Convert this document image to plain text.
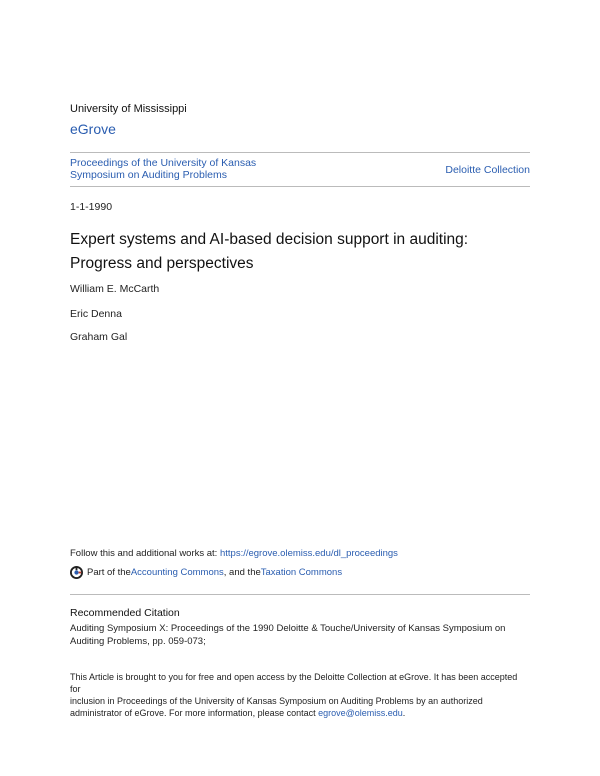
University of Mississippi
eGrove
Proceedings of the University of Kansas
Symposium on Auditing Problems	Deloitte Collection
1-1-1990
Expert systems and AI-based decision support in auditing:
Progress and perspectives
William E. McCarth
Eric Denna
Graham Gal
Follow this and additional works at: https://egrove.olemiss.edu/dl_proceedings
Part of the Accounting Commons , and the Taxation Commons
Recommended Citation
Auditing Symposium X: Proceedings of the 1990 Deloitte & Touche/University of Kansas Symposium on
Auditing Problems, pp. 059-073;
This Article is brought to you for free and open access by the Deloitte Collection at eGrove. It has been accepted for
inclusion in Proceedings of the University of Kansas Symposium on Auditing Problems by an authorized
administrator of eGrove. For more information, please contact egrove@olemiss.edu.
